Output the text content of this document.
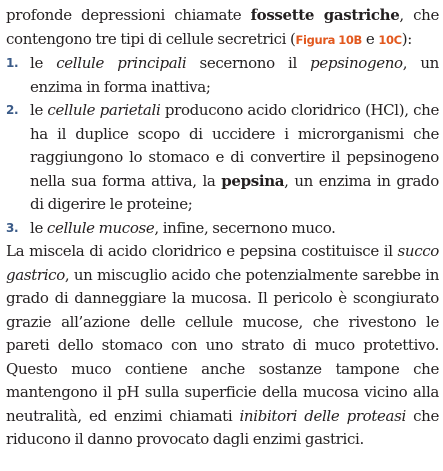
profonde depressioni chiamate fossette gastriche, che contengono tre tipi di cellule secretrici (Figura 10B e 10C):

1. le cellule principali secernono il pepsinogeno, un enzima in forma inattiva;
2. le cellule parietali producono acido cloridrico (HCl), che ha il duplice scopo di uccidere i microrganismi che raggiungono lo stomaco e di convertire il pepsinogeno nella sua forma attiva, la pepsina, un enzima in grado di digerire le proteine;
3. le cellule mucose, infine, secernono muco.

La miscela di acido cloridrico e pepsina costituisce il succo gastrico, un miscuglio acido che potenzialmente sarebbe in grado di danneggiare la mucosa. Il pericolo è scongiurato grazie all’azione delle cellule mucose, che rivestono le pareti dello stomaco con uno strato di muco protettivo. Questo muco contiene anche sostanze tampone che mantengono il pH sulla superficie della mucosa vicino alla neutralità, ed enzimi chiamati inibitori delle proteasi che riducono il danno provocato dagli enzimi gastrici.
